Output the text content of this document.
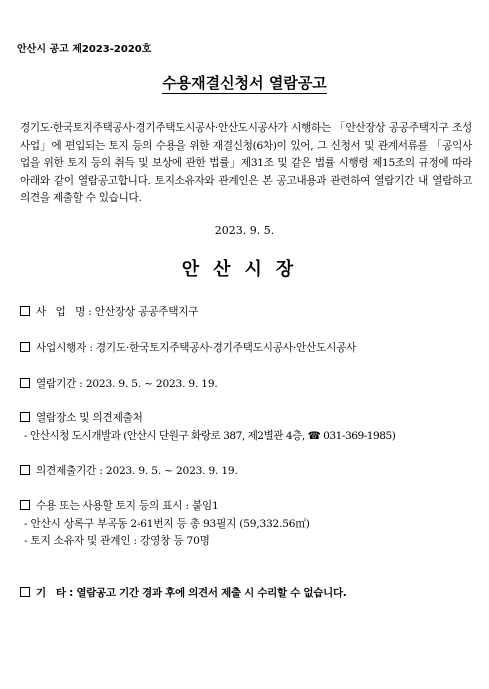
안산시 공고 제2023-2020호
수용재결신청서 열람공고
경기도·한국토지주택공사·경기주택도시공사·안산도시공사가 시행하는 「안산장상 공공주택지구 조성사업」에 편입되는 토지 등의 수용을 위한 재결신청(6차)이 있어, 그 신청서 및 관계서류를 「공익사업을 위한 토지 등의 취득 및 보상에 관한 법률」제31조 및 같은 법률 시행령 제15조의 규정에 따라 아래와 같이 열람공고합니다. 토지소유자와 관계인은 본 공고내용과 관련하여 열람기간 내 열람하고 의견을 제출할 수 있습니다.
2023. 9. 5.
안산시장
사   업   명 : 안산장상 공공주택지구
사업시행자 : 경기도·한국토지주택공사·경기주택도시공사·안산도시공사
열람기간 : 2023. 9. 5. ~ 2023. 9. 19.
열람장소 및 의견제출처
- 안산시청 도시개발과 (안산시 단원구 화랑로 387, 제2별관 4층, ☎ 031-369-1985)
의견제출기간 : 2023. 9. 5. ~ 2023. 9. 19.
수용 또는 사용할 토지 등의 표시 : 붙임1
- 안산시 상록구 부곡동 2-61번지 등 총 93필지 (59,332.56㎡)
- 토지 소유자 및 관계인 : 강영창 등 70명
기   타 : 열람공고 기간 경과 후에 의견서 제출 시 수리할 수 없습니다.
